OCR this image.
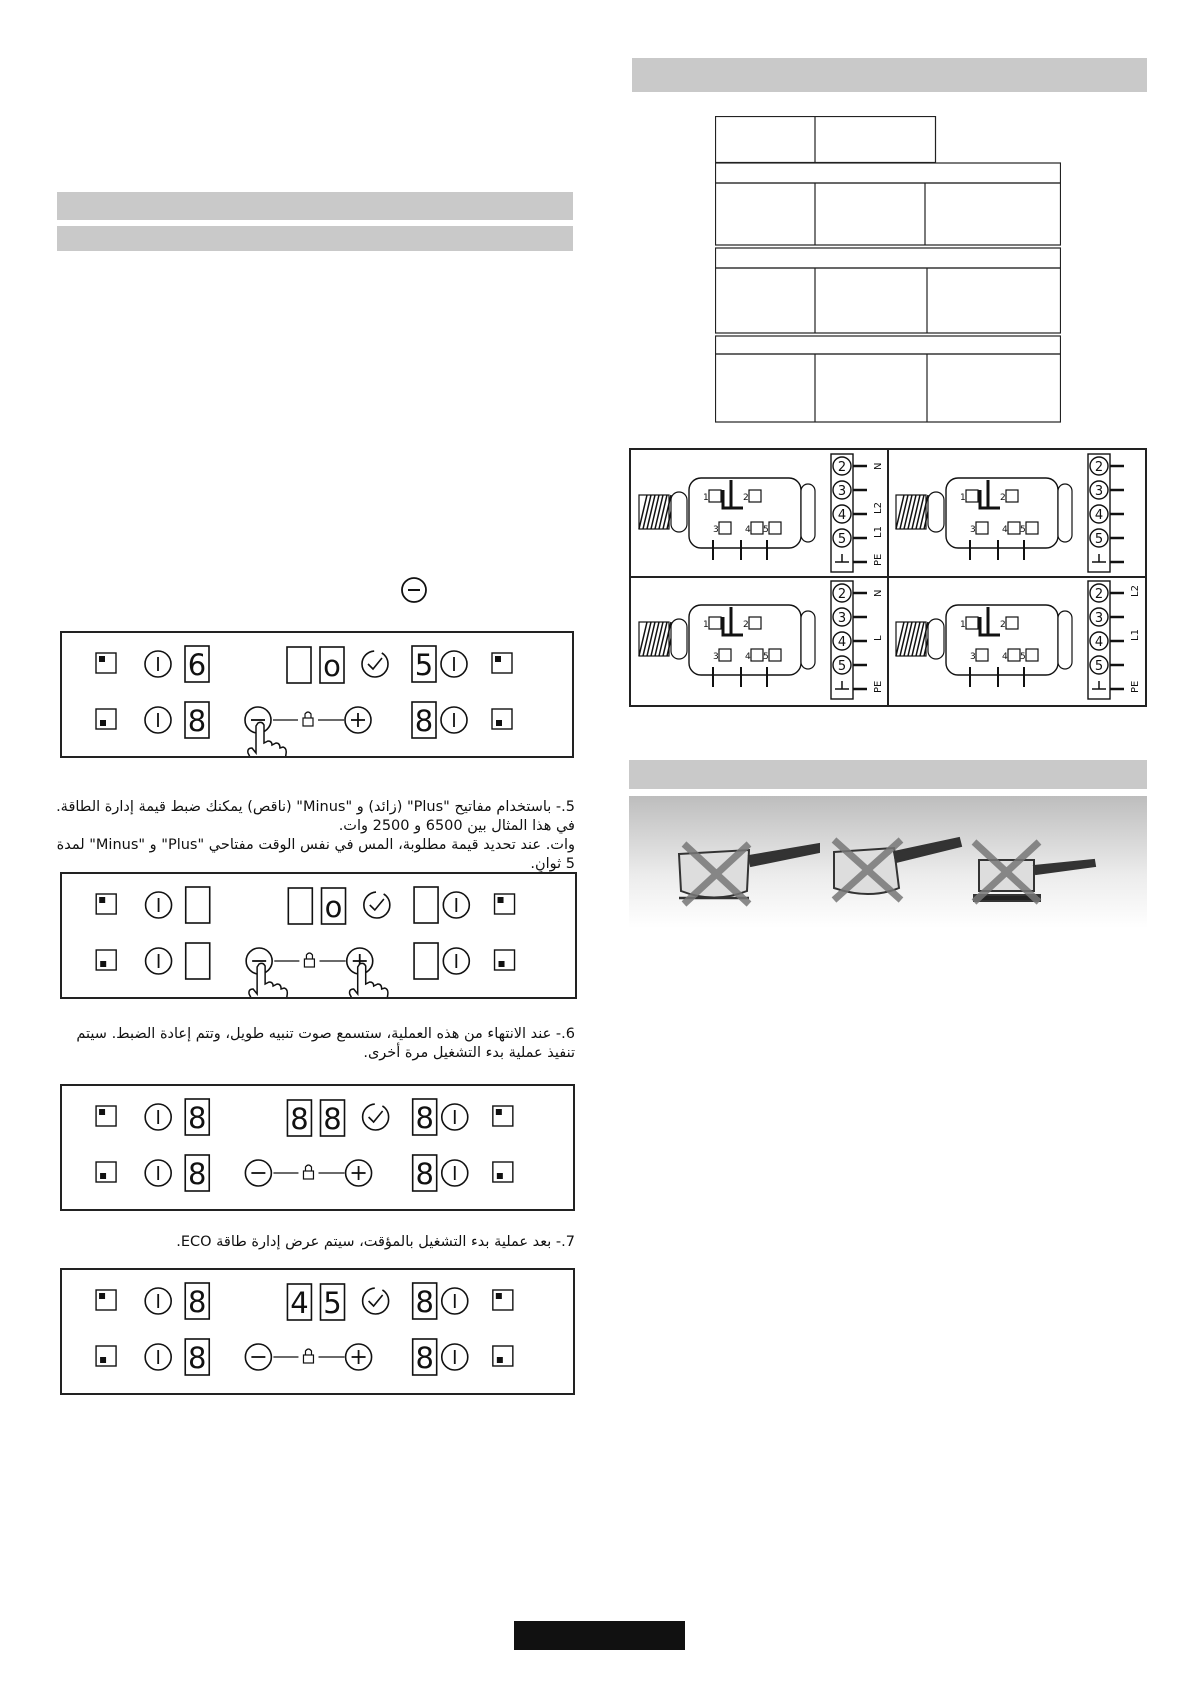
6
8
o	5
8
5.- باستخدام مفاتيح "Plus" (زائد) و "Minus" (ناقص) يمكنك ضبط قيمة إدارة الطاقة. في هذا المثال بين 6500 و 2500 وات.
وات. عند تحديد قيمة مطلوبة، المس في نفس الوقت مفتاحي "Plus" و "Minus" لمدة 5 ثوانٍ.
o
6.- عند الانتهاء من هذه العملية، ستسمع صوت تنبيه طويل، وتتم إعادة الضبط. سيتم تنفيذ عملية بدء التشغيل مرة أخرى.
8
8
8 8	8
8
7.- بعد عملية بدء التشغيل بالمؤقت، سيتم عرض إدارة طاقة ECO.
8
8
4 5	8
8
1	2
3	4 5
2
3
4
5
N
L2
L1
PE
1	2
3	4 5
2
3
4
5
1	2
3	4 5
2
3
4
5
N
L
PE
1	2
3	4 5
2
3
4
5
L2
L1
PE
